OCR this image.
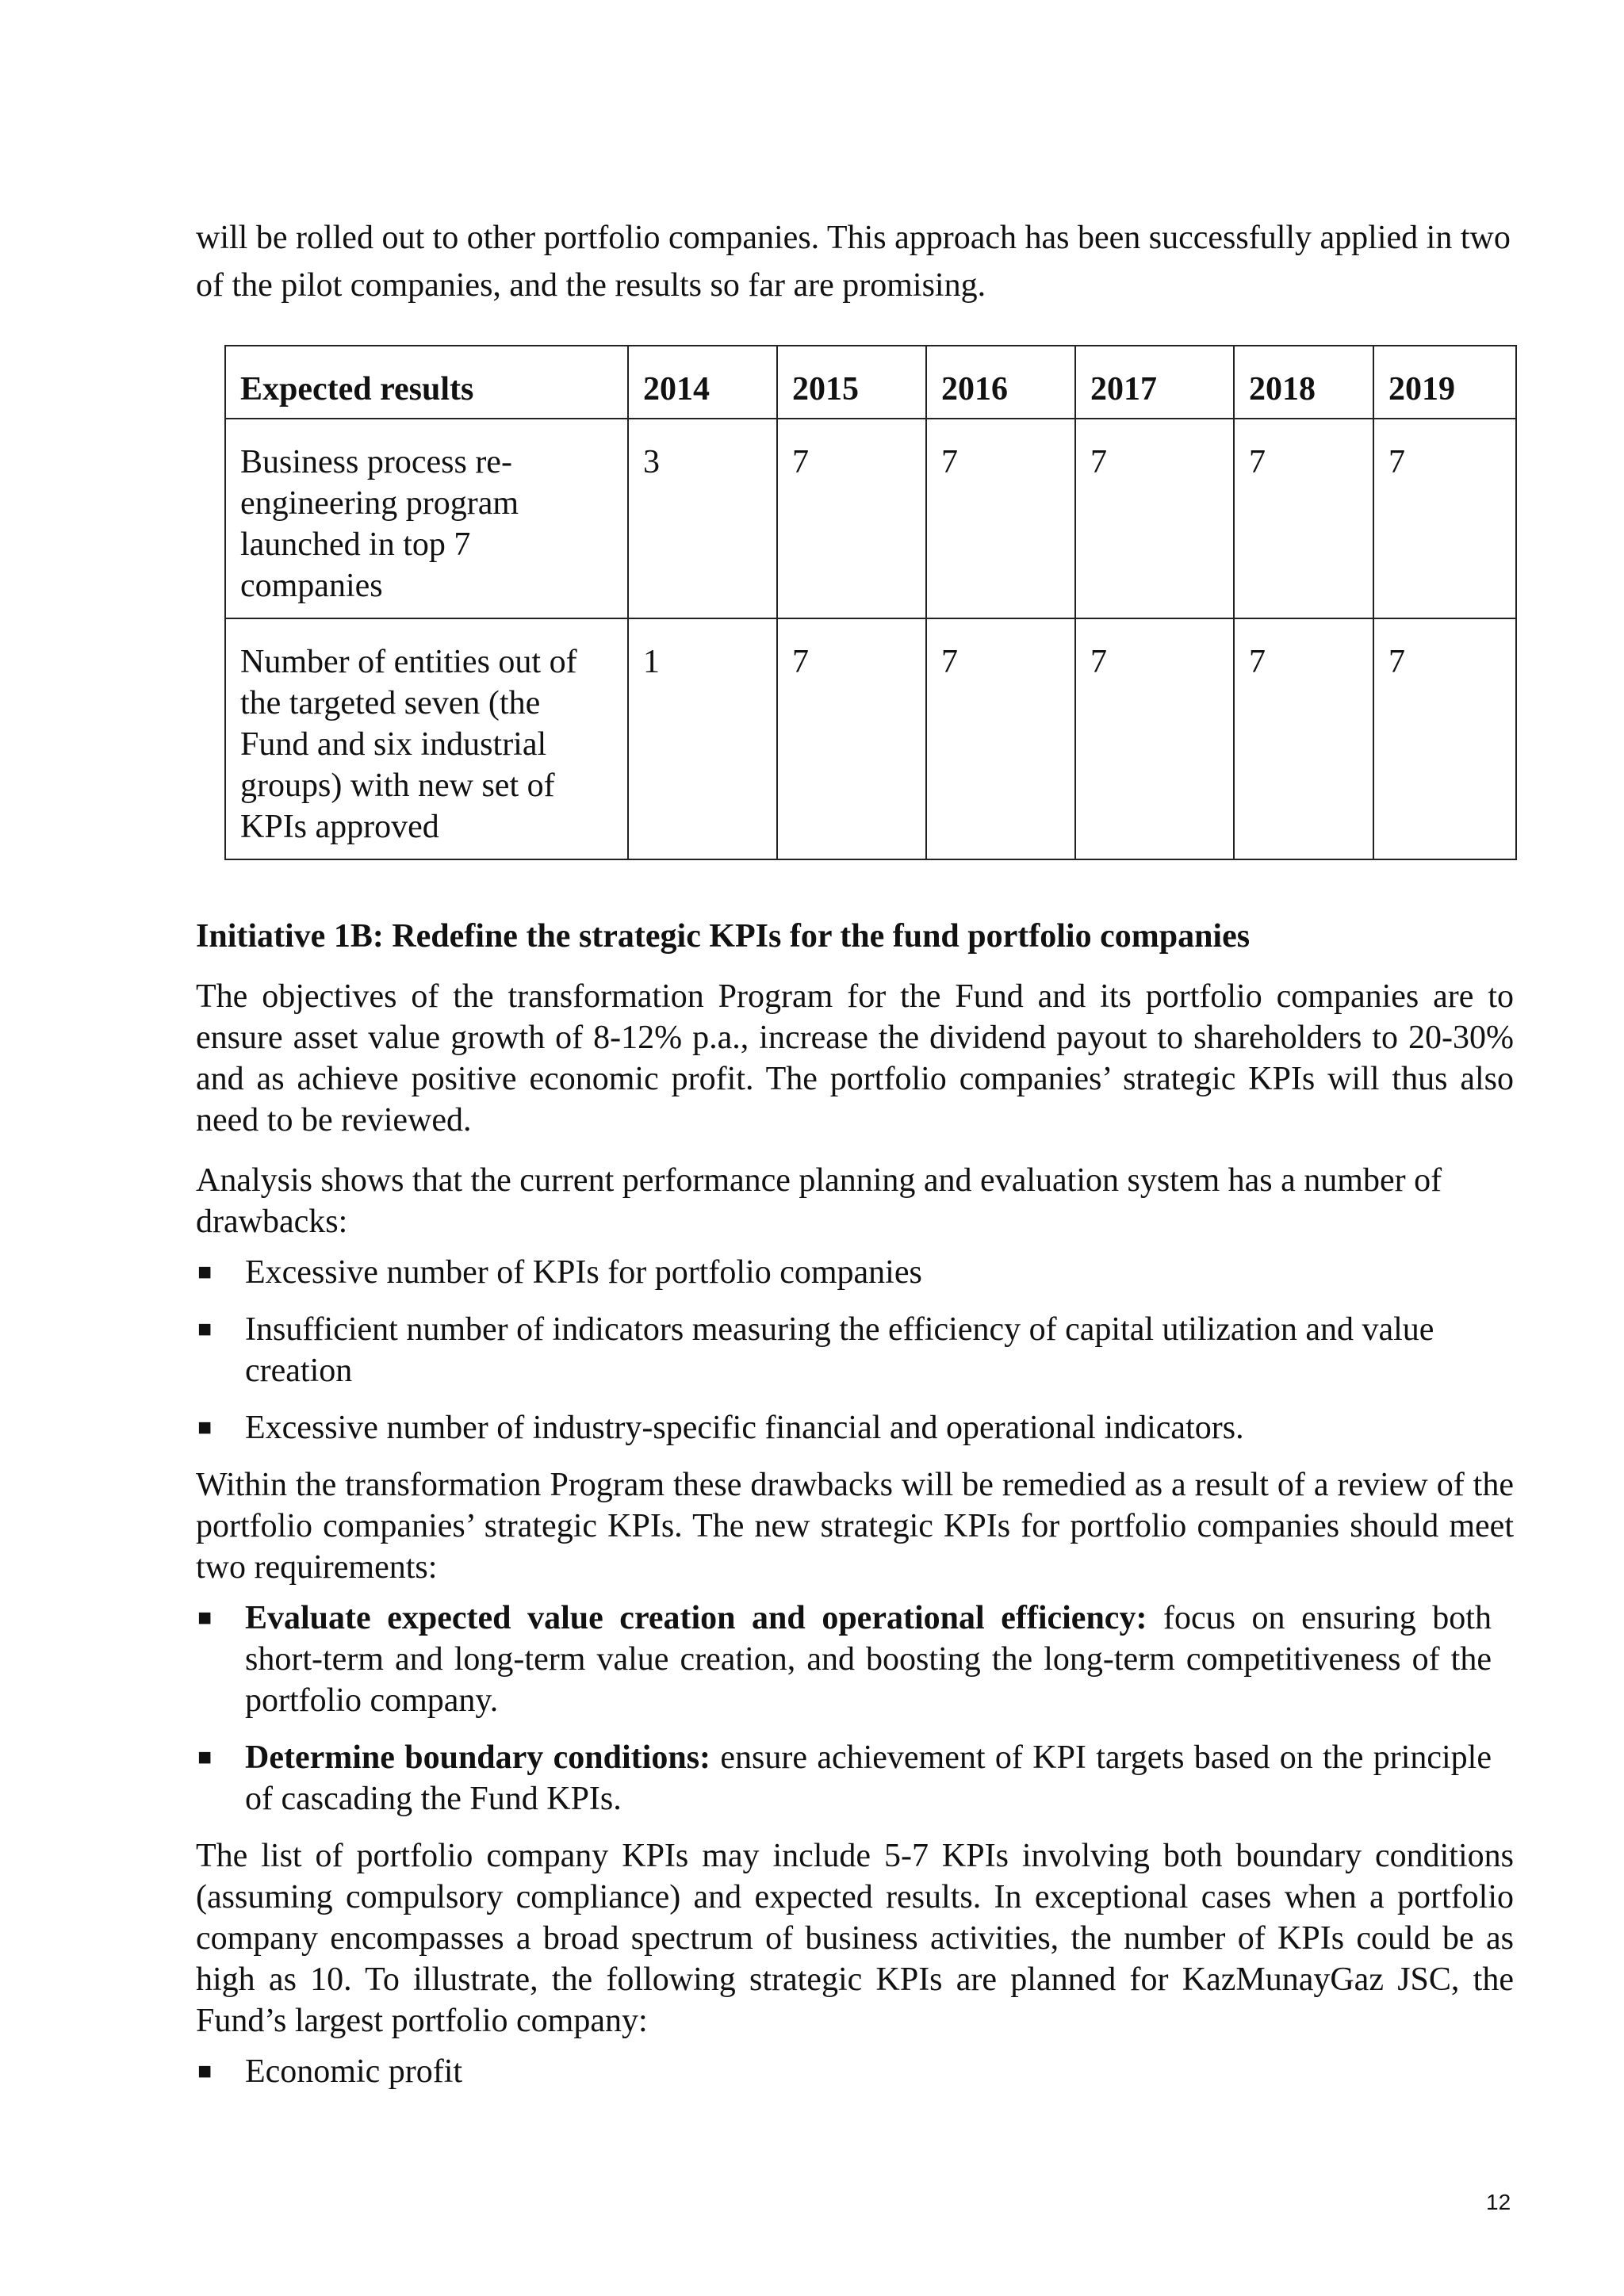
will be rolled out to other portfolio companies. This approach has been successfully applied in two of the pilot companies, and the results so far are promising.

Expected results	2014	2015	2016	2017	2018	2019
Business process re-engineering program launched in top 7 companies	3	7	7	7	7	7
Number of entities out of the targeted seven (the Fund and six industrial groups) with new set of KPIs approved	1	7	7	7	7	7

Initiative 1B: Redefine the strategic KPIs for the fund portfolio companies

The objectives of the transformation Program for the Fund and its portfolio companies are to ensure asset value growth of 8-12% p.a., increase the dividend payout to shareholders to 20-30% and as achieve positive economic profit. The portfolio companies’ strategic KPIs will thus also need to be reviewed.

Analysis shows that the current performance planning and evaluation system has a number of drawbacks:

■ Excessive number of KPIs for portfolio companies
■ Insufficient number of indicators measuring the efficiency of capital utilization and value creation
■ Excessive number of industry-specific financial and operational indicators.

Within the transformation Program these drawbacks will be remedied as a result of a review of the portfolio companies’ strategic KPIs. The new strategic KPIs for portfolio companies should meet two requirements:

■ Evaluate expected value creation and operational efficiency: focus on ensuring both short-term and long-term value creation, and boosting the long-term competitiveness of the portfolio company.
■ Determine boundary conditions: ensure achievement of KPI targets based on the principle of cascading the Fund KPIs.

The list of portfolio company KPIs may include 5-7 KPIs involving both boundary conditions (assuming compulsory compliance) and expected results. In exceptional cases when a portfolio company encompasses a broad spectrum of business activities, the number of KPIs could be as high as 10. To illustrate, the following strategic KPIs are planned for KazMunayGaz JSC, the Fund’s largest portfolio company:

■ Economic profit
12
